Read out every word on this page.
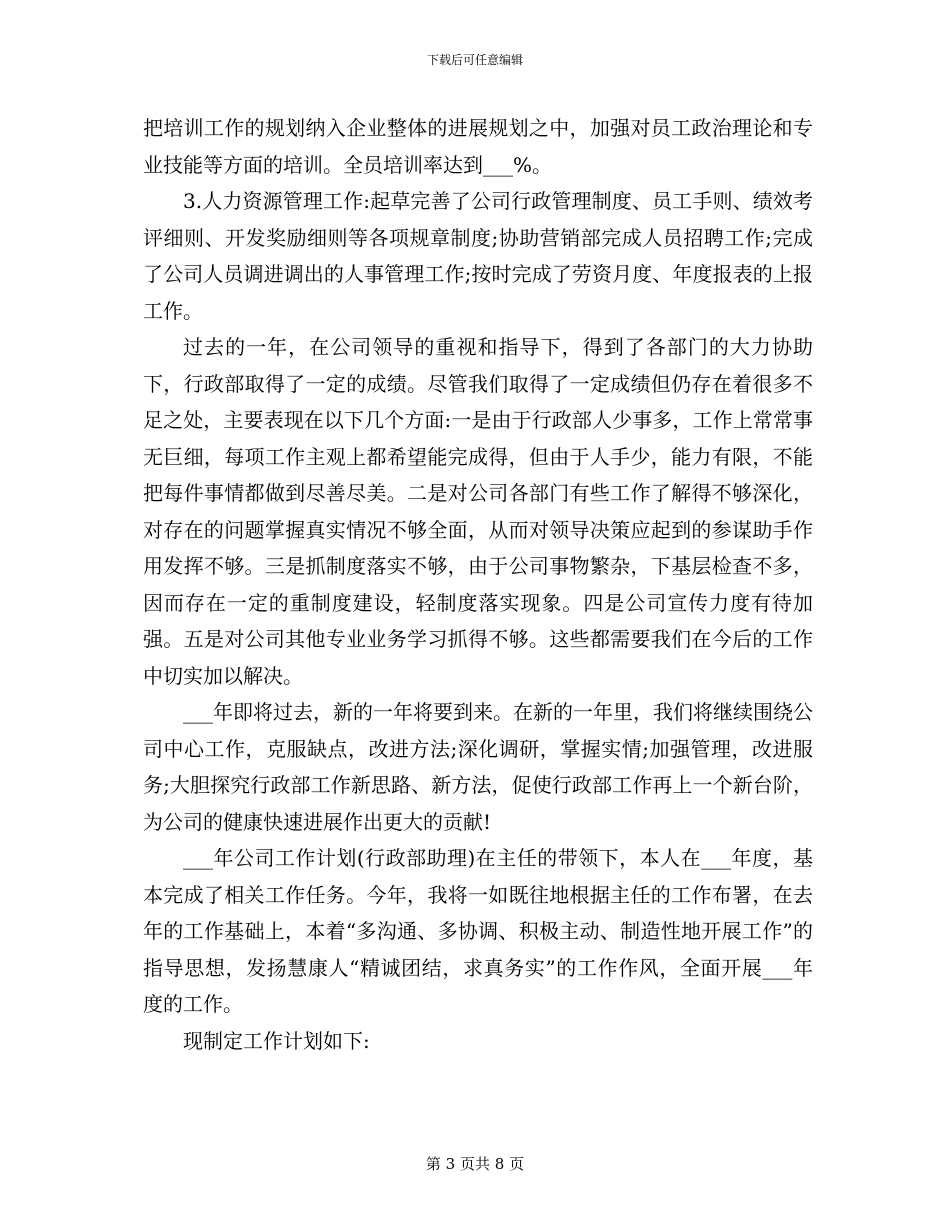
下载后可任意编辑

把培训工作的规划纳入企业整体的进展规划之中，加强对员工政治理论和专业技能等方面的培训。全员培训率达到___%。

3.人力资源管理工作:起草完善了公司行政管理制度、员工手则、绩效考评细则、开发奖励细则等各项规章制度;协助营销部完成人员招聘工作;完成了公司人员调进调出的人事管理工作;按时完成了劳资月度、年度报表的上报工作。

过去的一年，在公司领导的重视和指导下，得到了各部门的大力协助下，行政部取得了一定的成绩。尽管我们取得了一定成绩但仍存在着很多不足之处，主要表现在以下几个方面:一是由于行政部人少事多，工作上常常事无巨细，每项工作主观上都希望能完成得，但由于人手少，能力有限，不能把每件事情都做到尽善尽美。二是对公司各部门有些工作了解得不够深化，对存在的问题掌握真实情况不够全面，从而对领导决策应起到的参谋助手作用发挥不够。三是抓制度落实不够，由于公司事物繁杂，下基层检查不多，因而存在一定的重制度建设，轻制度落实现象。四是公司宣传力度有待加强。五是对公司其他专业业务学习抓得不够。这些都需要我们在今后的工作中切实加以解决。

___年即将过去，新的一年将要到来。在新的一年里，我们将继续围绕公司中心工作，克服缺点，改进方法;深化调研，掌握实情;加强管理，改进服务;大胆探究行政部工作新思路、新方法，促使行政部工作再上一个新台阶，为公司的健康快速进展作出更大的贡献!

___年公司工作计划(行政部助理)在主任的带领下，本人在___年度，基本完成了相关工作任务。今年，我将一如既往地根据主任的工作布署，在去年的工作基础上，本着“多沟通、多协调、积极主动、制造性地开展工作”的指导思想，发扬慧康人“精诚团结，求真务实”的工作作风，全面开展___年度的工作。

现制定工作计划如下:

第 3 页共 8 页
